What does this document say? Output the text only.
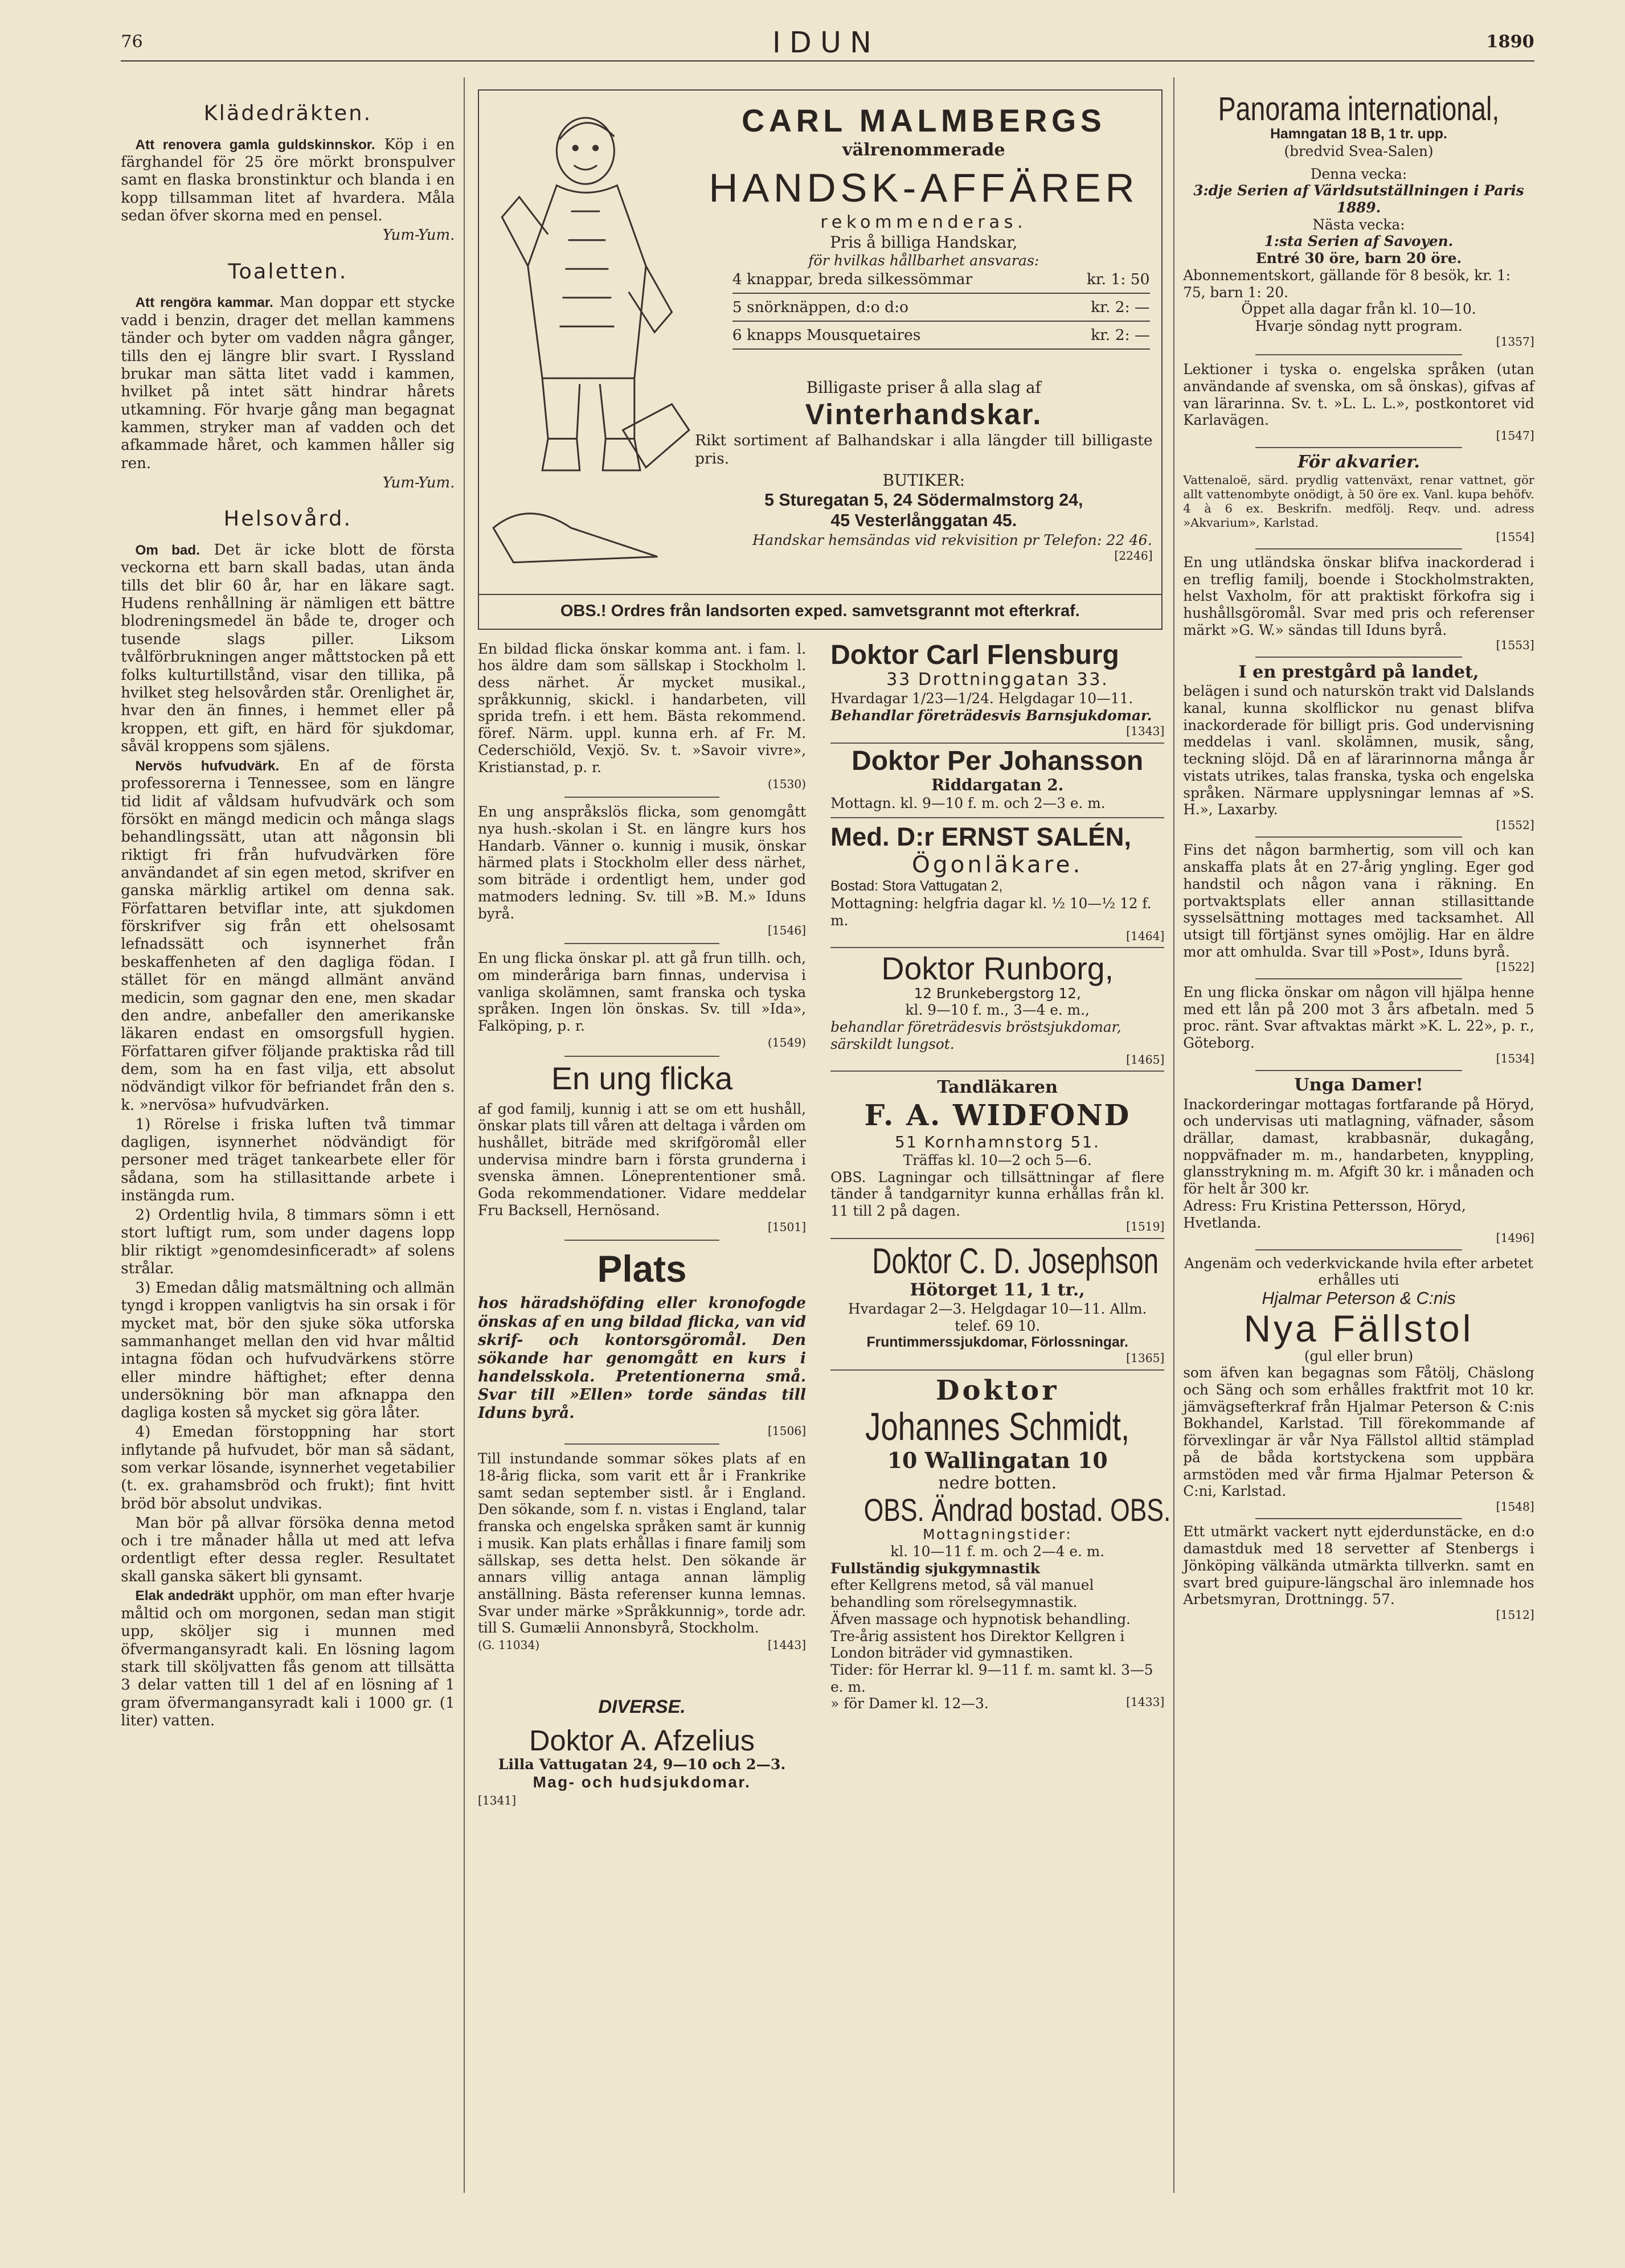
76	IDUN	1890
Klädedräkten.

Att renovera gamla guldskinnskor. Köp i en färghandel för 25 öre mörkt bronspulver samt en flaska bronstinktur och blanda i en kopp tillsamman litet af hvardera. Måla sedan öfver skorna med en pensel.

Yum-Yum.
Toaletten.

Att rengöra kammar. Man doppar ett stycke vadd i benzin, drager det mellan kammens tänder och byter om vadden några gånger, tills den ej längre blir svart. I Ryssland brukar man sätta litet vadd i kammen, hvilket på intet sätt hindrar hårets utkamning. För hvarje gång man begagnat kammen, stryker man af vadden och det afkammade håret, och kammen håller sig ren.

Yum-Yum.
Helsovård.

Om bad. Det är icke blott de första veckorna ett barn skall badas, utan ända tills det blir 60 år, har en läkare sagt. Hudens renhållning är nämligen ett bättre blodreningsmedel än både te, droger och tusende slags piller. Liksom tvålförbrukningen anger måttstocken på ett folks kulturtillstånd, visar den tillika, på hvilket steg helsovården står. Orenlighet är, hvar den än finnes, i hemmet eller på kroppen, ett gift, en härd för sjukdomar, såväl kroppens som själens.

Nervös hufvudvärk.	En af de första professorerna i Tennessee, som en längre tid lidit af våldsam hufvudvärk och som försökt en mängd medicin och många slags behandlingssätt, utan att någonsin bli riktigt fri från hufvudvärken före användandet af sin egen metod, skrifver en ganska märklig artikel om denna sak. Författaren betviflar inte, att sjukdomen förskrifver sig från ett ohelsosamt lefnadssätt och isynnerhet från beskaffenheten af den dagliga födan. I stället för en mängd allmänt använd medicin, som gagnar den ene, men skadar den andre, anbefaller den amerikanske läkaren endast en omsorgsfull hygien. Författaren gifver följande praktiska råd till dem, som ha en fast vilja, ett absolut nödvändigt vilkor för befriandet från den s. k. »nervösa» hufvudvärken.

1) Rörelse i friska luften två timmar dagligen, isynnerhet nödvändigt för personer med träget tankearbete eller för sådana, som ha stillasittande arbete i instängda rum.

2) Ordentlig hvila, 8 timmars sömn i ett stort luftigt rum, som under dagens lopp blir riktigt »genomdesinficeradt» af solens strålar.

3) Emedan dålig matsmältning och allmän tyngd i kroppen vanligtvis ha sin orsak i för mycket mat, bör den sjuke söka utforska sammanhanget mellan den vid hvar måltid intagna födan och hufvudvärkens större eller mindre häftighet; efter denna undersökning bör man afknappa den dagliga kosten så mycket sig göra låter.

4) Emedan förstoppning har stort inflytande på hufvudet, bör man så sädant, som verkar lösande, isynnerhet vegetabilier (t. ex. grahamsbröd och frukt); fint hvitt bröd bör absolut undvikas.

Man bör på allvar försöka denna metod och i tre månader hålla ut med att lefva ordentligt efter dessa regler. Resultatet skall ganska säkert bli gynsamt.

Elak andedräkt upphör, om man efter hvarje måltid och om morgonen, sedan man stigit upp, sköljer sig i munnen med öfvermangansyradt kali. En lösning lagom stark till sköljvatten fås genom att tillsätta 3 delar vatten till 1 del af en lösning af 1 gram öfvermangansyradt kali i 1000 gr. (1 liter) vatten.

CARL MALMBERGS
välrenommerade
HANDSK-AFFÄRER
rekommenderas.
Pris å billiga Handskar,
för hvilkas hållbarhet ansvaras:
4 knappar, breda silkessömmar	kr. 1: 50
5 snörknäppen, d:o d:o	kr. 2: —
6 knapps Mousquetaires	kr. 2: —
Billigaste priser å alla slag af
Vinterhandskar.
Rikt sortiment af Balhandskar i alla längder till billigaste pris.
BUTIKER:
5 Sturegatan 5, 24 Södermalmstorg 24,
45 Vesterlånggatan 45.
Handskar hemsändas vid rekvisition pr Telefon: 22 46.
[2246]
OBS.! Ordres från landsorten exped. samvetsgrannt mot efterkraf.

En bildad flicka önskar komma ant. i fam. l. hos äldre dam som sällskap i Stockholm l. dess närhet. Är mycket musikal., språkkunnig, skickl. i handarbeten, vill sprida trefn. i ett hem. Bästa rekommend. föref. Närm. uppl. kunna erh. af Fr. M. Cederschiöld, Vexjö. Sv. t. »Savoir vivre», Kristianstad, p. r.

(1530)

En ung anspråkslös flicka, som genomgått nya hush.-skolan i St. en längre kurs hos Handarb. Vänner o. kunnig i musik, önskar härmed plats i Stockholm eller dess närhet, som biträde i ordentligt hem, under god matmoders ledning. Sv. till »B. M.» Iduns byrå.

[1546]

En ung flicka önskar pl. att gå frun tillh. och, om minderåriga barn finnas, undervisa i vanliga skolämnen, samt franska och tyska språken. Ingen lön önskas. Sv. till »Ida», Falköping, p. r.

(1549)
En ung flicka

af god familj, kunnig i att se om ett hushåll, önskar plats till våren att deltaga i vården om hushållet, biträde med skrifgöromål eller undervisa mindre barn i första grunderna i svenska ämnen. Löneprententioner små. Goda rekommendationer. Vidare meddelar Fru Backsell, Hernösand.

[1501]
Plats

hos häradshöfding eller kronofogde önskas af en ung bildad flicka, van vid skrif- och kontorsgöromål. Den sökande har genomgått en kurs i handelsskola. Pretentionerna små. Svar till »Ellen» torde sändas till Iduns byrå.

[1506]

Till instundande sommar sökes plats af en 18-årig flicka, som varit ett år i Frankrike samt sedan september sistl. år i England. Den sökande, som f. n. vistas i England, talar franska och engelska språken samt är kunnig i musik. Kan plats erhållas i finare familj som sällskap, ses detta helst. Den sökande är annars villig antaga annan lämplig anställning. Bästa referenser kunna lemnas. Svar under märke »Språkkunnig», torde adr. till S. Gumælii Annonsbyrå, Stockholm.

(G. 11034)	[1443]
DIVERSE.
Doktor A. Afzelius
Lilla Vattugatan 24, 9—10 och 2—3.
Mag- och hudsjukdomar.
[1341]
Doktor Carl Flensburg
33 Drottninggatan 33.
Hvardagar 1/23—1/24. Helgdagar 10—11.
Behandlar företrädesvis Barnsjukdomar.
[1343]
Doktor Per Johansson
Riddargatan 2.
Mottagn. kl. 9—10 f. m. och 2—3 e. m.
Med. D:r ERNST SALÉN,
Ögonläkare.
Bostad: Stora Vattugatan 2,
Mottagning: helgfria dagar kl. ½ 10—½ 12 f. m.
[1464]
Doktor Runborg,
12 Brunkebergstorg 12,
kl. 9—10 f. m., 3—4 e. m.,
behandlar företrädesvis bröstsjukdomar, särskildt lungsot.
[1465]
Tandläkaren
F. A. WIDFOND
51 Kornhamnstorg 51.
Träffas kl. 10—2 och 5—6.
OBS. Lagningar och tillsättningar af flere tänder å tandgarnityr kunna erhållas från kl. 11 till 2 på dagen.
[1519]
Doktor C. D. Josephson
Hötorget 11, 1 tr.,
Hvardagar 2—3. Helgdagar 10—11. Allm. telef. 69 10.
Fruntimmerssjukdomar, Förlossningar.
[1365]
Doktor
Johannes Schmidt,
10 Wallingatan 10
nedre botten.
OBS. Ändrad bostad. OBS.
Mottagningstider:
kl. 10—11 f. m. och 2—4 e. m.
Fullständig sjukgymnastik
efter Kellgrens metod, så väl manuel behandling som rörelsegymnastik.
Äfven massage och hypnotisk behandling.
Tre-årig assistent hos Direktor Kellgren i London biträder vid gymnastiken.
Tider: för Herrar kl. 9—11 f. m. samt kl. 3—5 e. m.
» för Damer kl. 12—3.	[1433]
Panorama international,
Hamngatan 18 B, 1 tr. upp.
(bredvid Svea-Salen)
Denna vecka:
3:dje Serien af Världsutställningen i Paris 1889.
Nästa vecka:
1:sta Serien af Savoyen.
Entré 30 öre, barn 20 öre.
Abonnementskort, gällande för 8 besök, kr. 1: 75, barn 1: 20.
Öppet alla dagar från kl. 10—10.
Hvarje söndag nytt program.
[1357]
Lektioner i tyska o. engelska språken (utan användande af svenska, om så önskas), gifvas af van lärarinna. Sv. t. »L. L. L.», postkontoret vid Karlavägen.
[1547]
För akvarier.
Vattenaloë, särd. prydlig vattenväxt, renar vattnet, gör allt vattenombyte onödigt, à 50 öre ex. Vanl. kupa behöfv. 4 à 6 ex. Beskrifn. medfölj. Reqv. und. adress »Akvarium», Karlstad.
[1554]
En ung utländska önskar blifva inackorderad i en treflig familj, boende i Stockholmstrakten, helst Vaxholm, för att praktiskt förkofra sig i hushållsgöromål. Svar med pris och referenser märkt »G. W.» sändas till Iduns byrå.
[1553]
I en prestgård på landet,
belägen i sund och naturskön trakt vid Dalslands kanal, kunna skolflickor nu genast blifva inackorderade för billigt pris. God undervisning meddelas i vanl. skolämnen, musik, sång, teckning slöjd. Då en af lärarinnorna många år vistats utrikes, talas franska, tyska och engelska språken. Närmare upplysningar lemnas af »S. H.», Laxarby.
[1552]
Fins det någon barmhertig, som vill och kan anskaffa plats åt en 27-årig yngling. Eger god handstil och någon vana i räkning. En portvaktsplats eller annan stillasittande sysselsättning mottages med tacksamhet. All utsigt till förtjänst synes omöjlig. Har en äldre mor att omhulda. Svar till »Post», Iduns byrå.
[1522]
En ung flicka önskar om någon vill hjälpa henne med ett lån på 200 mot 3 års afbetaln. med 5 proc. ränt. Svar aftvaktas märkt »K. L. 22», p. r., Göteborg.
[1534]
Unga Damer!
Inackorderingar mottagas fortfarande på Höryd, och undervisas uti matlagning, väfnader, såsom drällar, damast, krabbasnär, dukagång, noppväfnader m. m., handarbeten, knyppling, glansstrykning m. m. Afgift 30 kr. i månaden och för helt år 300 kr.
Adress: Fru Kristina Pettersson, Höryd, Hvetlanda.
[1496]
Angenäm och vederkvickande hvila efter arbetet erhålles uti
Hjalmar Peterson & C:nis
Nya Fällstol
(gul eller brun)
som äfven kan begagnas som Fåtölj, Chäslong och Säng och som erhålles fraktfrit mot 10 kr. jämvägsefterkraf från Hjalmar Peterson & C:nis Bokhandel, Karlstad. Till förekommande af förvexlingar är vår Nya Fällstol alltid stämplad på de båda kortstyckena som uppbära armstöden med vår firma Hjalmar Peterson & C:ni, Karlstad.
[1548]
Ett utmärkt vackert nytt ejderdunstäcke, en d:o damastduk med 18 servetter af Stenbergs i Jönköping välkända utmärkta tillverkn. samt en svart bred guipure-längschal äro inlemnade hos Arbetsmyran, Drottningg. 57.
[1512]
